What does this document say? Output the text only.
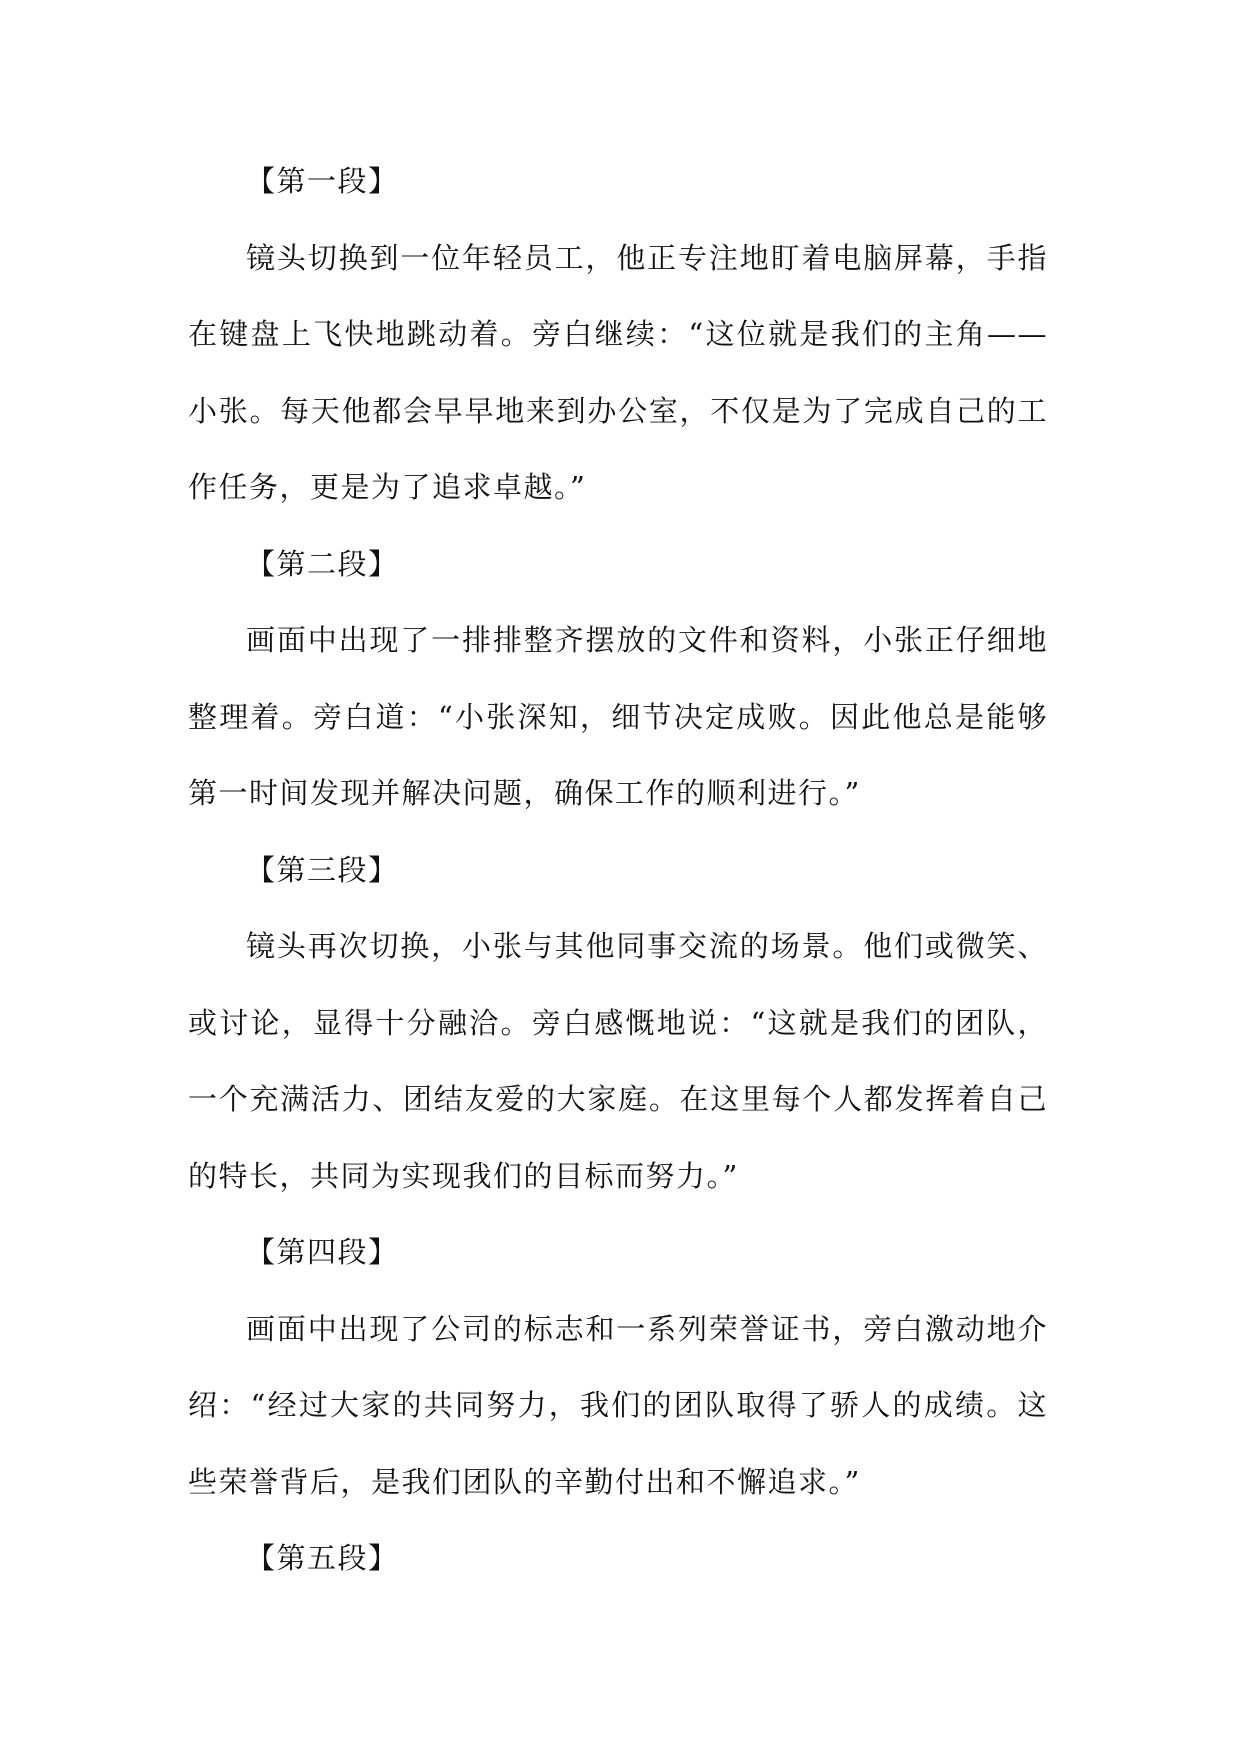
【第一段】

镜头切换到一位年轻员工，他正专注地盯着电脑屏幕，手指在键盘上飞快地跳动着。旁白继续：“这位就是我们的主角——小张。每天他都会早早地来到办公室，不仅是为了完成自己的工作任务，更是为了追求卓越。”

【第二段】

画面中出现了一排排整齐摆放的文件和资料，小张正仔细地整理着。旁白道：“小张深知，细节决定成败。因此他总是能够第一时间发现并解决问题，确保工作的顺利进行。”

【第三段】

镜头再次切换，小张与其他同事交流的场景。他们或微笑、或讨论，显得十分融洽。旁白感慨地说：“这就是我们的团队，一个充满活力、团结友爱的大家庭。在这里每个人都发挥着自己的特长，共同为实现我们的目标而努力。”

【第四段】

画面中出现了公司的标志和一系列荣誉证书，旁白激动地介绍：“经过大家的共同努力，我们的团队取得了骄人的成绩。这些荣誉背后，是我们团队的辛勤付出和不懈追求。”

【第五段】
